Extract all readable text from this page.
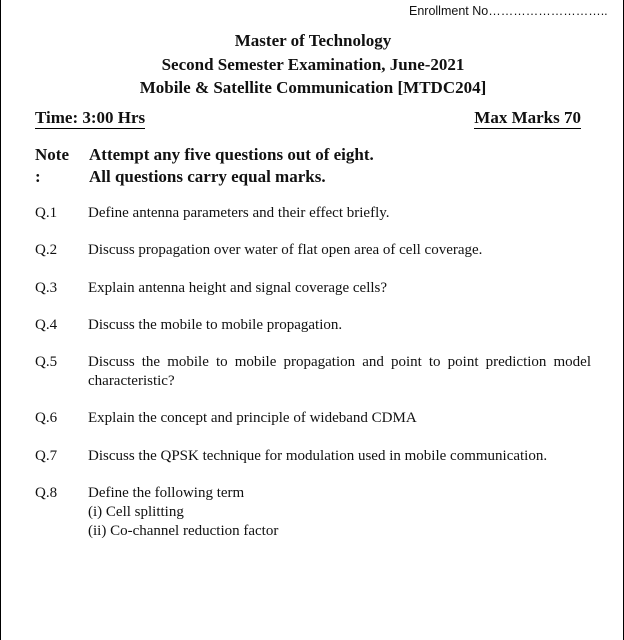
Enrollment No………………………..
Master of Technology
Second Semester Examination, June-2021
Mobile & Satellite Communication [MTDC204]
Time: 3:00 Hrs	Max Marks 70
Note :
Attempt any five questions out of eight.
All questions carry equal marks.
Q.1 Define antenna parameters and their effect briefly.
Q.2 Discuss propagation over water of flat open area of cell coverage.
Q.3 Explain antenna height and signal coverage cells?
Q.4 Discuss the mobile to mobile propagation.
Q.5 Discuss the mobile to mobile propagation and point to point prediction model characteristic?
Q.6 Explain the concept and principle of wideband CDMA
Q.7 Discuss the QPSK technique for modulation used in mobile communication.
Q.8 Define the following term
(i) Cell splitting
(ii) Co-channel reduction factor
